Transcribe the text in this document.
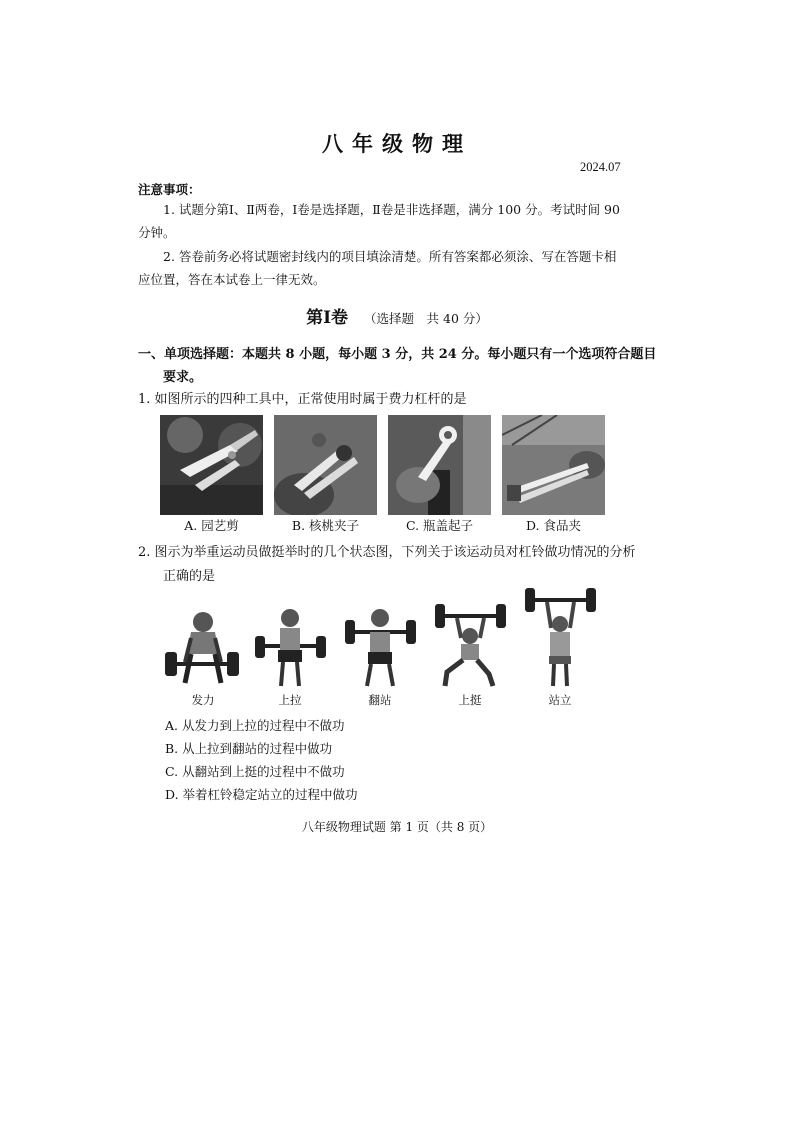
八年级物理
2024.07
注意事项：
1. 试题分第Ⅰ、Ⅱ两卷，Ⅰ卷是选择题，Ⅱ卷是非选择题，满分 100 分。考试时间 90
分钟。
2. 答卷前务必将试题密封线内的项目填涂清楚。所有答案都必须涂、写在答题卡相
应位置，答在本试卷上一律无效。
第Ⅰ卷 （选择题　共 40 分）
一、单项选择题：本题共 8 小题，每小题 3 分，共 24 分。每小题只有一个选项符合题目
要求。
1. 如图所示的四种工具中，正常使用时属于费力杠杆的是
A. 园艺剪	B. 核桃夹子	C. 瓶盖起子	D. 食品夹
2. 图示为举重运动员做挺举时的几个状态图，下列关于该运动员对杠铃做功情况的分析
正确的是
发力	上拉	翻站	上挺	站立
A. 从发力到上拉的过程中不做功
B. 从上拉到翻站的过程中做功
C. 从翻站到上挺的过程中不做功
D. 举着杠铃稳定站立的过程中做功
八年级物理试题 第 1 页（共 8 页）
